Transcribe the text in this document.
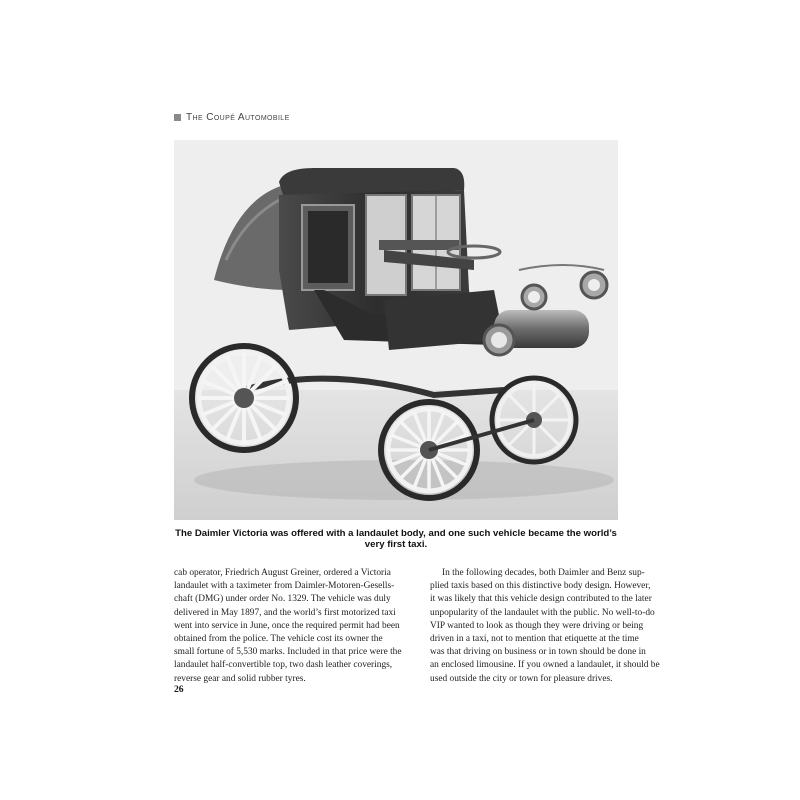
The Coupé Automobile
The Daimler Victoria was offered with a landaulet body, and one such vehicle became the world’s very first taxi.

cab operator, Friedrich August Greiner, ordered a Victoria
landaulet with a taximeter from Daimler-Motoren-Gesells-
chaft (DMG) under order No. 1329. The vehicle was duly
delivered in May 1897, and the world’s first motorized taxi
went into service in June, once the required permit had been
obtained from the police. The vehicle cost its owner the
small fortune of 5,530 marks. Included in that price were the
landaulet half-convertible top, two dash leather coverings,
reverse gear and solid rubber tyres.

In the following decades, both Daimler and Benz sup-
plied taxis based on this distinctive body design. However,
it was likely that this vehicle design contributed to the later
unpopularity of the landaulet with the public. No well-to-do
VIP wanted to look as though they were driving or being
driven in a taxi, not to mention that etiquette at the time
was that driving on business or in town should be done in
an enclosed limousine. If you owned a landaulet, it should be
used outside the city or town for pleasure drives.

26
